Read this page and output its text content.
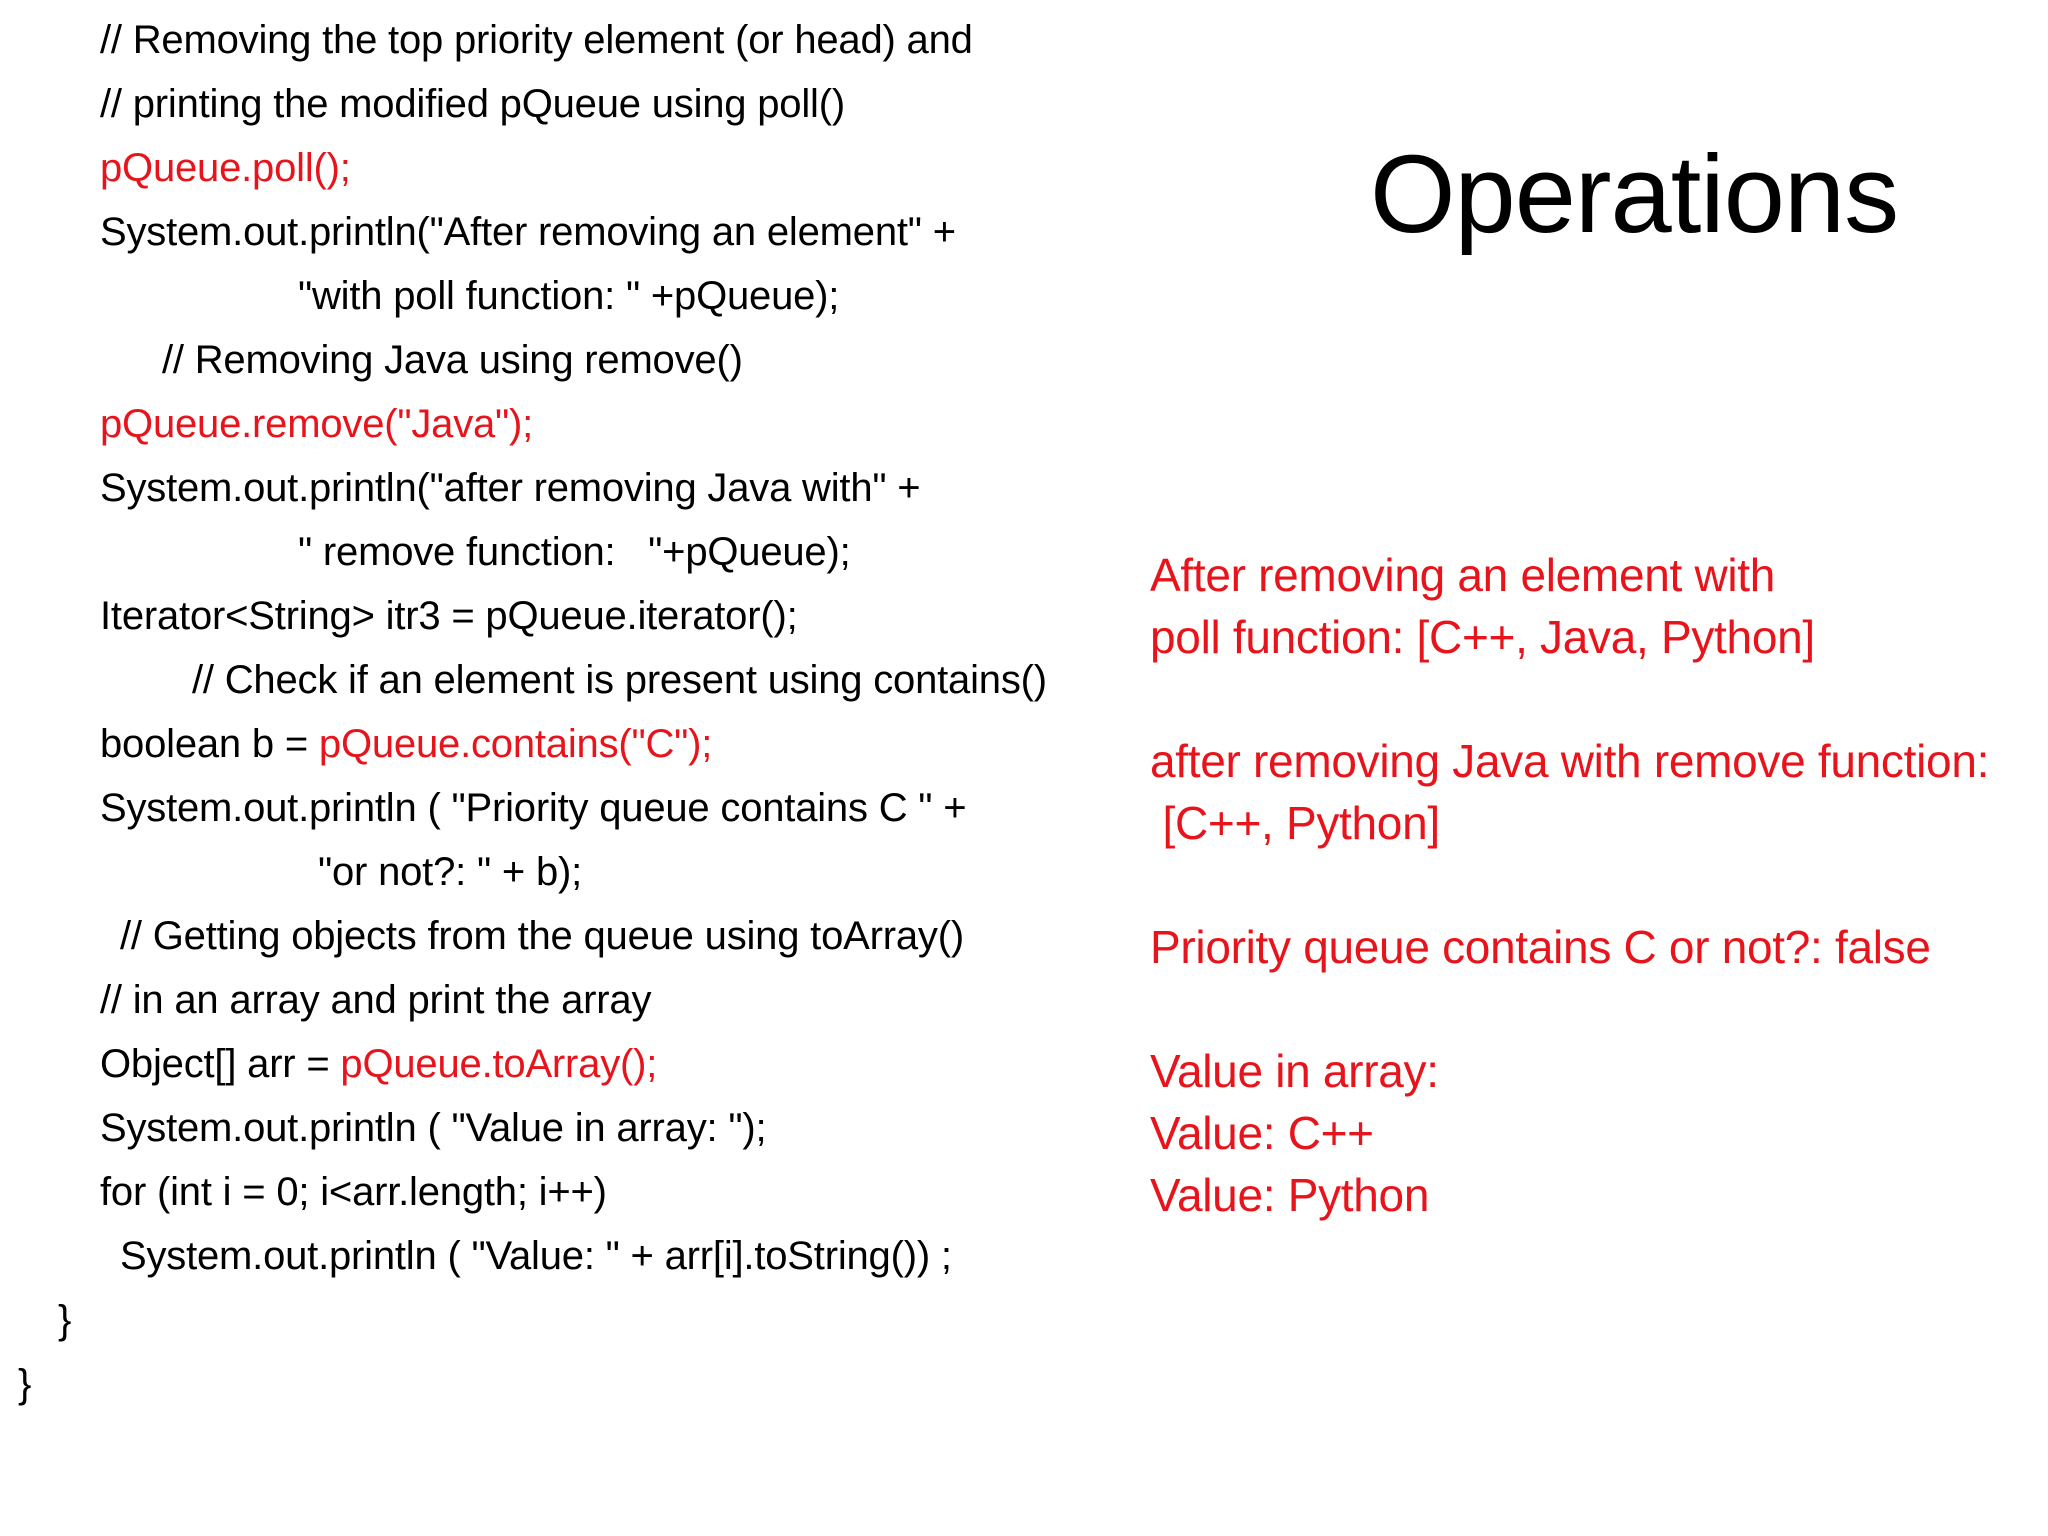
// Removing the top priority element (or head) and
// printing the modified pQueue using poll()
pQueue.poll();
System.out.println("After removing an element" +
"with poll function: " +pQueue);
// Removing Java using remove()
pQueue.remove("Java");
System.out.println("after removing Java with" +
" remove function:   "+pQueue);
Iterator<String> itr3 = pQueue.iterator();
// Check if an element is present using contains()
boolean b = pQueue.contains("C");
System.out.println ( "Priority queue contains C " +
"or not?: " + b);
// Getting objects from the queue using toArray()
// in an array and print the array
Object[] arr = pQueue.toArray();
System.out.println ( "Value in array: ");
for (int i = 0; i<arr.length; i++)
System.out.println ( "Value: " + arr[i].toString()) ;
}
}
Operations
After removing an element with
poll function: [C++, Java, Python]
after removing Java with remove function:
[C++, Python]
Priority queue contains C or not?: false
Value in array:
Value: C++
Value: Python
